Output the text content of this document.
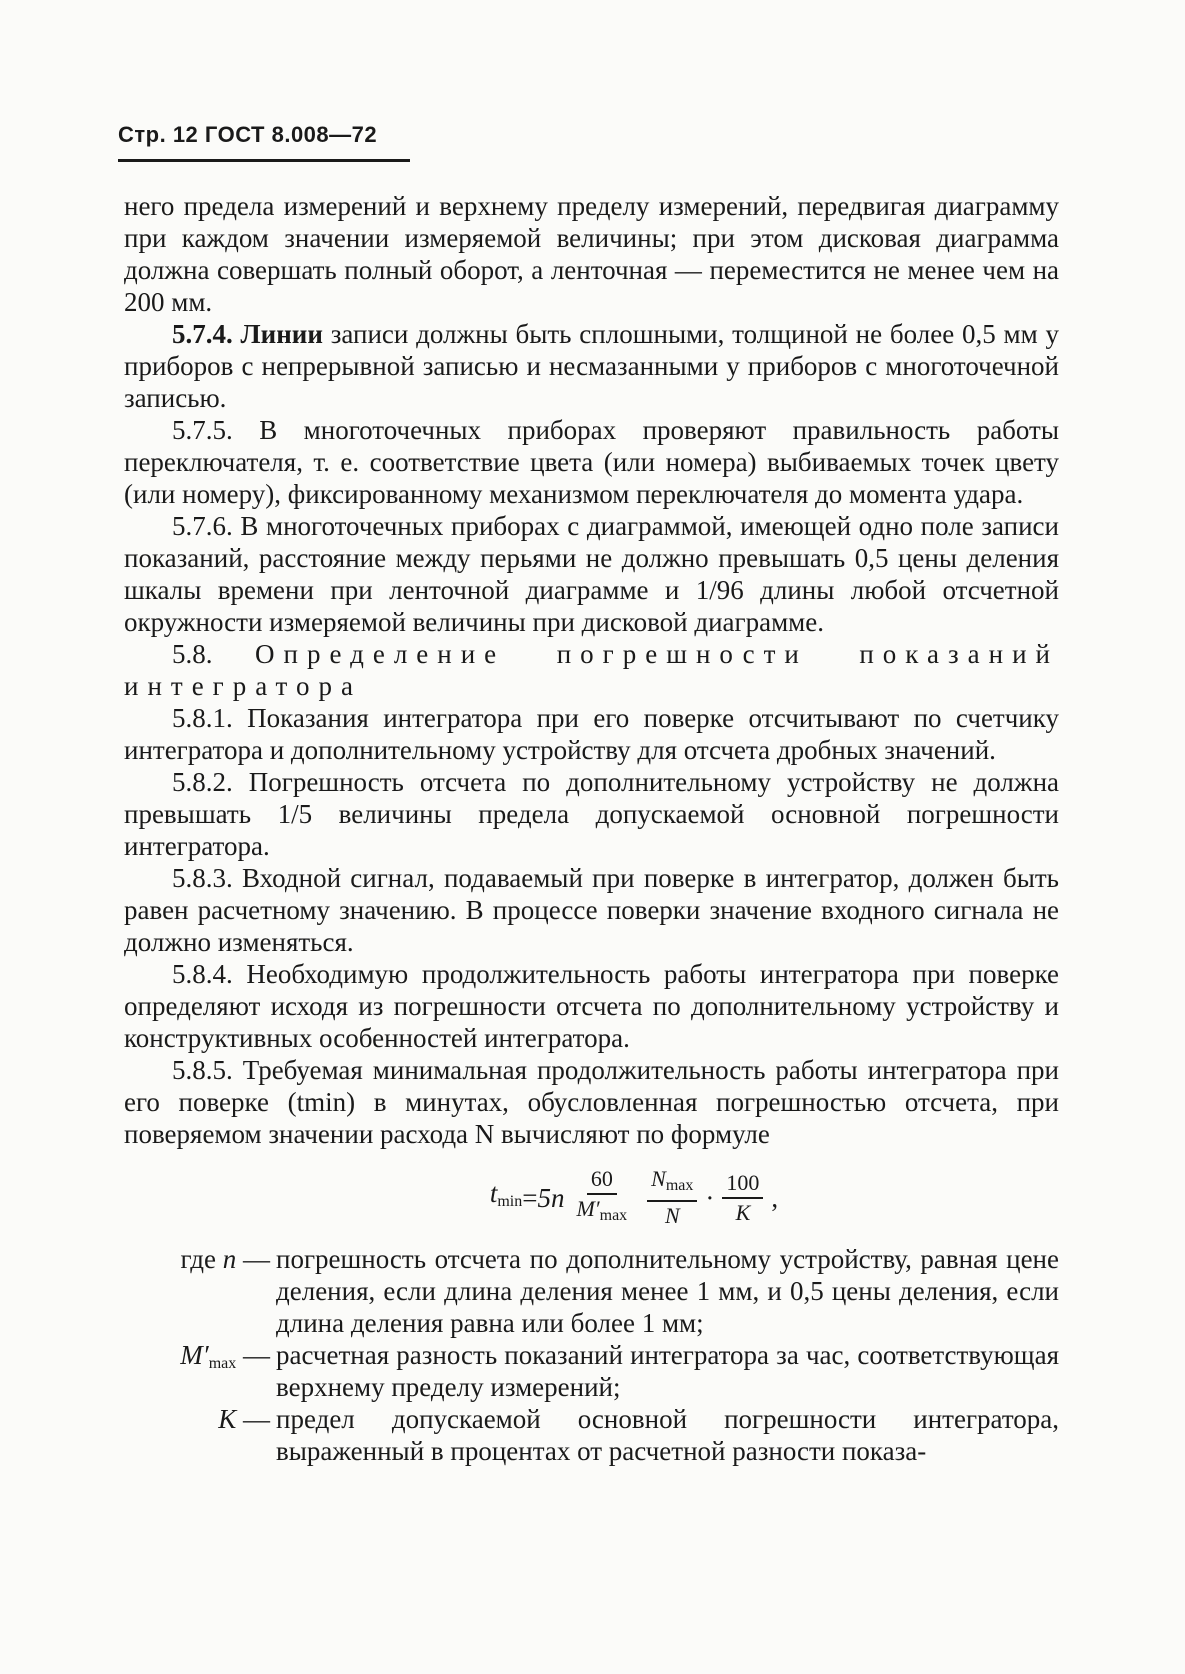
Стр. 12 ГОСТ 8.008—72

него предела измерений и верхнему пределу измерений, передвигая диаграмму при каждом значении измеряемой величины; при этом дисковая диаграмма должна совершать полный оборот, а ленточная — переместится не менее чем на 200 мм.

5.7.4. Линии записи должны быть сплошными, толщиной не более 0,5 мм у приборов с непрерывной записью и несмазанными у приборов с многоточечной записью.

5.7.5. В многоточечных приборах проверяют правильность работы переключателя, т. е. соответствие цвета (или номера) выбиваемых точек цвету (или номеру), фиксированному механизмом переключателя до момента удара.

5.7.6. В многоточечных приборах с диаграммой, имеющей одно поле записи показаний, расстояние между перьями не должно превышать 0,5 цены деления шкалы времени при ленточной диаграмме и 1/96 длины любой отсчетной окружности измеряемой величины при дисковой диаграмме.

5.8. Определение погрешности показаний интегратора

5.8.1. Показания интегратора при его поверке отсчитывают по счетчику интегратора и дополнительному устройству для отсчета дробных значений.

5.8.2. Погрешность отсчета по дополнительному устройству не должна превышать 1/5 величины предела допускаемой основной погрешности интегратора.

5.8.3. Входной сигнал, подаваемый при поверке в интегратор, должен быть равен расчетному значению. В процессе поверки значение входного сигнала не должно изменяться.

5.8.4. Необходимую продолжительность работы интегратора при поверке определяют исходя из погрешности отсчета по дополнительному устройству и конструктивных особенностей интегратора.

5.8.5. Требуемая минимальная продолжительность работы интегратора при его поверке (tmin) в минутах, обусловленная погрешностью отсчета, при поверяемом значении расхода N вычисляют по формуле

$t_{min} = 5n \frac{60}{M'_{max}} \frac{N_{max}}{N} \cdot \frac{100}{K}$ ,
где n — погрешность отсчета по дополнительному устройству, равная цене деления, если длина деления менее 1 мм, и 0,5 цены деления, если длина деления равна или более 1 мм;
$M'_{max}$ — расчетная разность показаний интегратора за час, соответствующая верхнему пределу измерений;
K — предел допускаемой основной погрешности интегратора, выраженный в процентах от расчетной разности показа-
